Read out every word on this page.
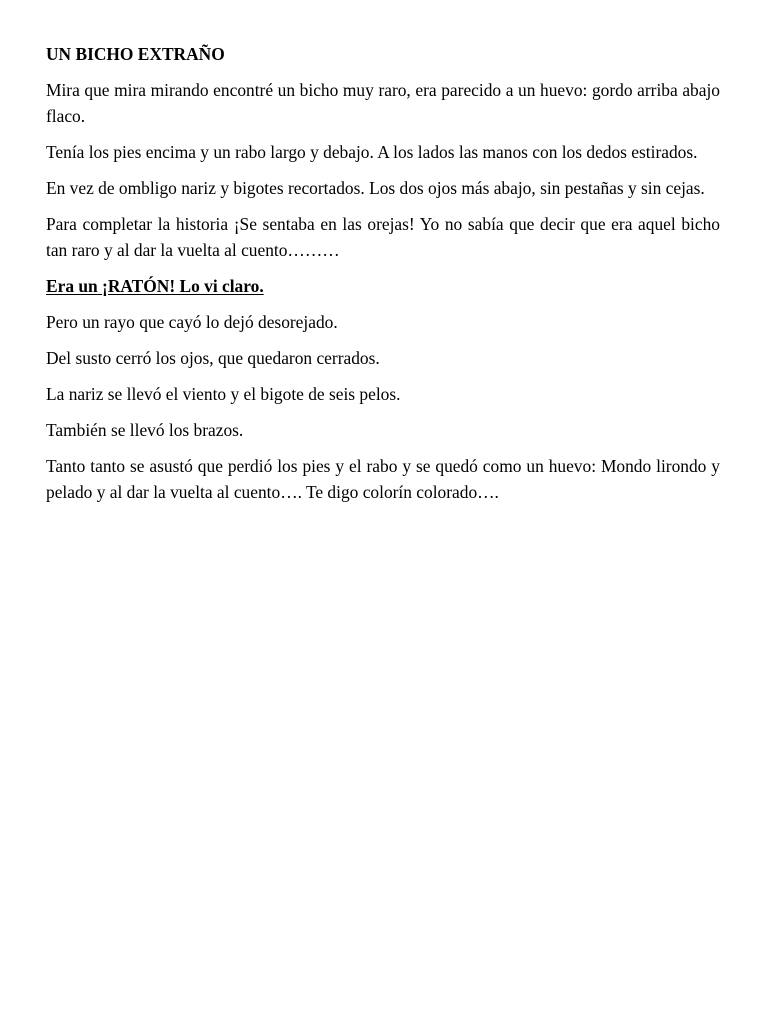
UN BICHO EXTRAÑO

Mira que mira mirando encontré un bicho muy raro, era parecido a un huevo: gordo arriba abajo flaco.

Tenía los pies encima y un rabo largo y debajo. A los lados las manos con los dedos estirados.

En vez de ombligo nariz y bigotes recortados. Los dos ojos más abajo, sin pestañas y sin cejas.

Para completar la historia ¡Se sentaba en las orejas! Yo no sabía que decir que era aquel bicho tan raro y al dar la vuelta al cuento………

Era un ¡RATÓN! Lo vi claro.

Pero un rayo que cayó lo dejó desorejado.

Del susto cerró los ojos, que quedaron cerrados.

La nariz se llevó el viento y el bigote de seis pelos.

También se llevó los brazos.

Tanto tanto se asustó que perdió los pies y el rabo y se quedó como un huevo: Mondo lirondo y pelado y al dar la vuelta al cuento…. Te digo colorín colorado….
